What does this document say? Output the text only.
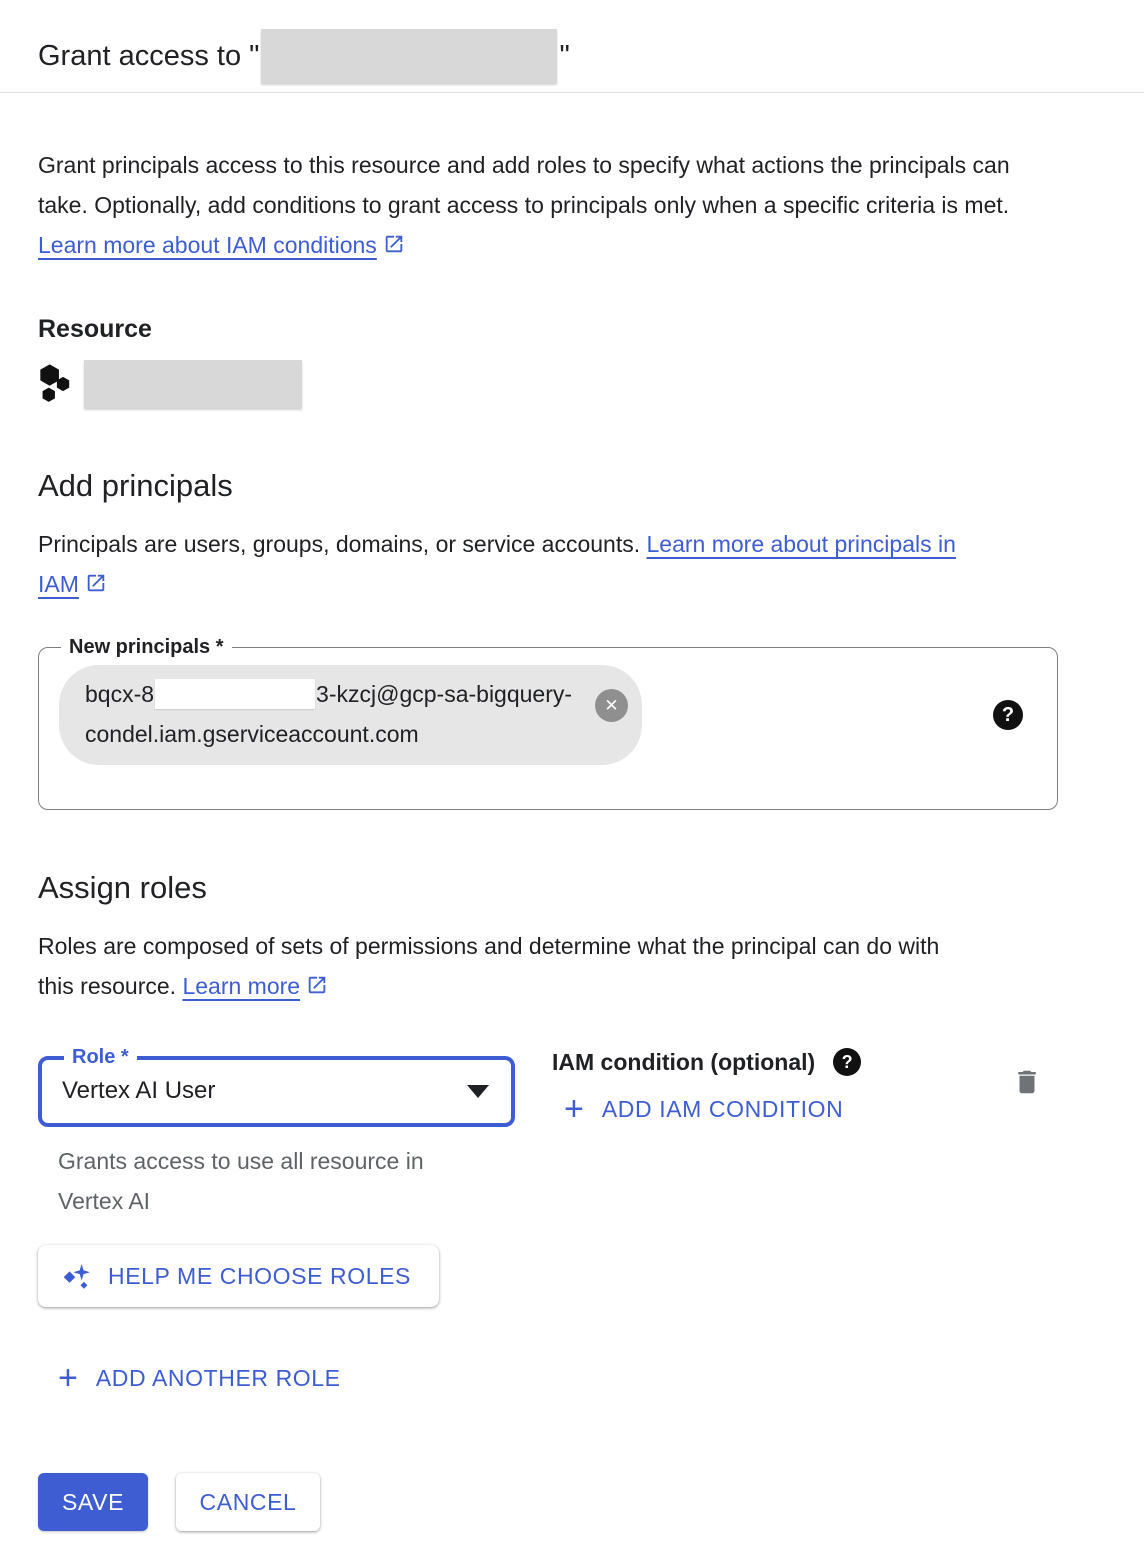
Grant access to "	"

Grant principals access to this resource and add roles to specify what actions the principals can take. Optionally, add conditions to grant access to principals only when a specific criteria is met. Learn more about IAM conditions

Resource
Add principals

Principals are users, groups, domains, or service accounts. Learn more about principals in IAM

New principals *
bqcx-8	3-kzcj@gcp-sa-bigquery-
condel.iam.gserviceaccount.com
✕	?
Assign roles

Roles are composed of sets of permissions and determine what the principal can do with this resource. Learn more

Role *
Vertex AI User

Grants access to use all resource in Vertex AI

IAM condition (optional)	?
+ ADD IAM CONDITION
HELP ME CHOOSE ROLES
+ ADD ANOTHER ROLE
SAVE	CANCEL
